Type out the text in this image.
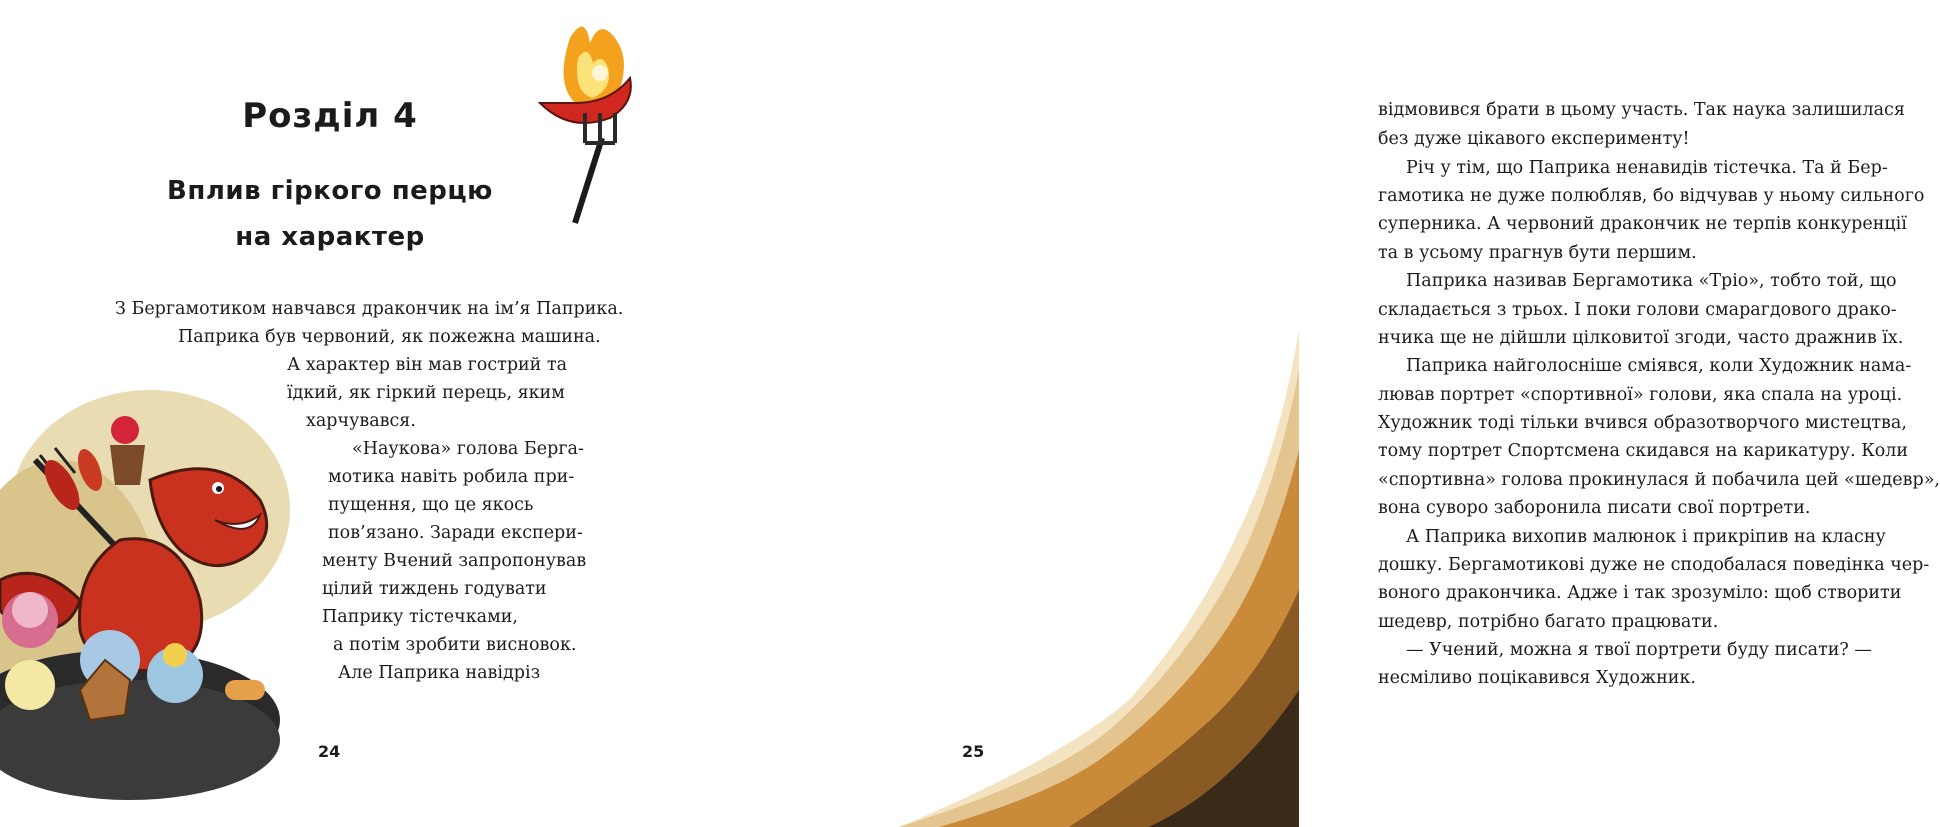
Розділ 4
Вплив гіркого перцю
на характер
З Бергамотиком навчався дракончик на ім’я Паприка.
Паприка був червоний, як пожежна машина.
А характер він мав гострий та
їдкий, як гіркий перець, яким
харчувався.
«Наукова» голова Берга-
мотика навіть робила при-
пущення, що це якось
пов’язано. Заради експери-
менту Вчений запропонував
цілий тиждень годувати
Паприку тістечками,
а потім зробити висновок.
Але Паприка навідріз
24
відмовився брати в цьому участь. Так наука залишилася
без дуже цікавого експерименту!
Річ у тім, що Паприка ненавидів тістечка. Та й Бер-
гамотика не дуже полюбляв, бо відчував у ньому сильного
суперника. А червоний дракончик не терпів конкуренції
та в усьому прагнув бути першим.
Паприка називав Бергамотика «Тріо», тобто той, що
складається з трьох. І поки голови смарагдового драко-
нчика ще не дійшли цілковитої згоди, часто дражнив їх.
Паприка найголосніше сміявся, коли Художник нама-
лював портрет «спортивної» голови, яка спала на уроці.
Художник тоді тільки вчився образотворчого мистецтва,
тому портрет Спортсмена скидався на карикатуру. Коли
«спортивна» голова прокинулася й побачила цей «шедевр»,
вона суворо заборонила писати свої портрети.
А Паприка вихопив малюнок і прикріпив на класну
дошку. Бергамотикові дуже не сподобалася поведінка чер-
воного дракончика. Адже і так зрозуміло: щоб створити
шедевр, потрібно багато працювати.
— Учений, можна я твої портрети буду писати? —
несміливо поцікавився Художник.
25
